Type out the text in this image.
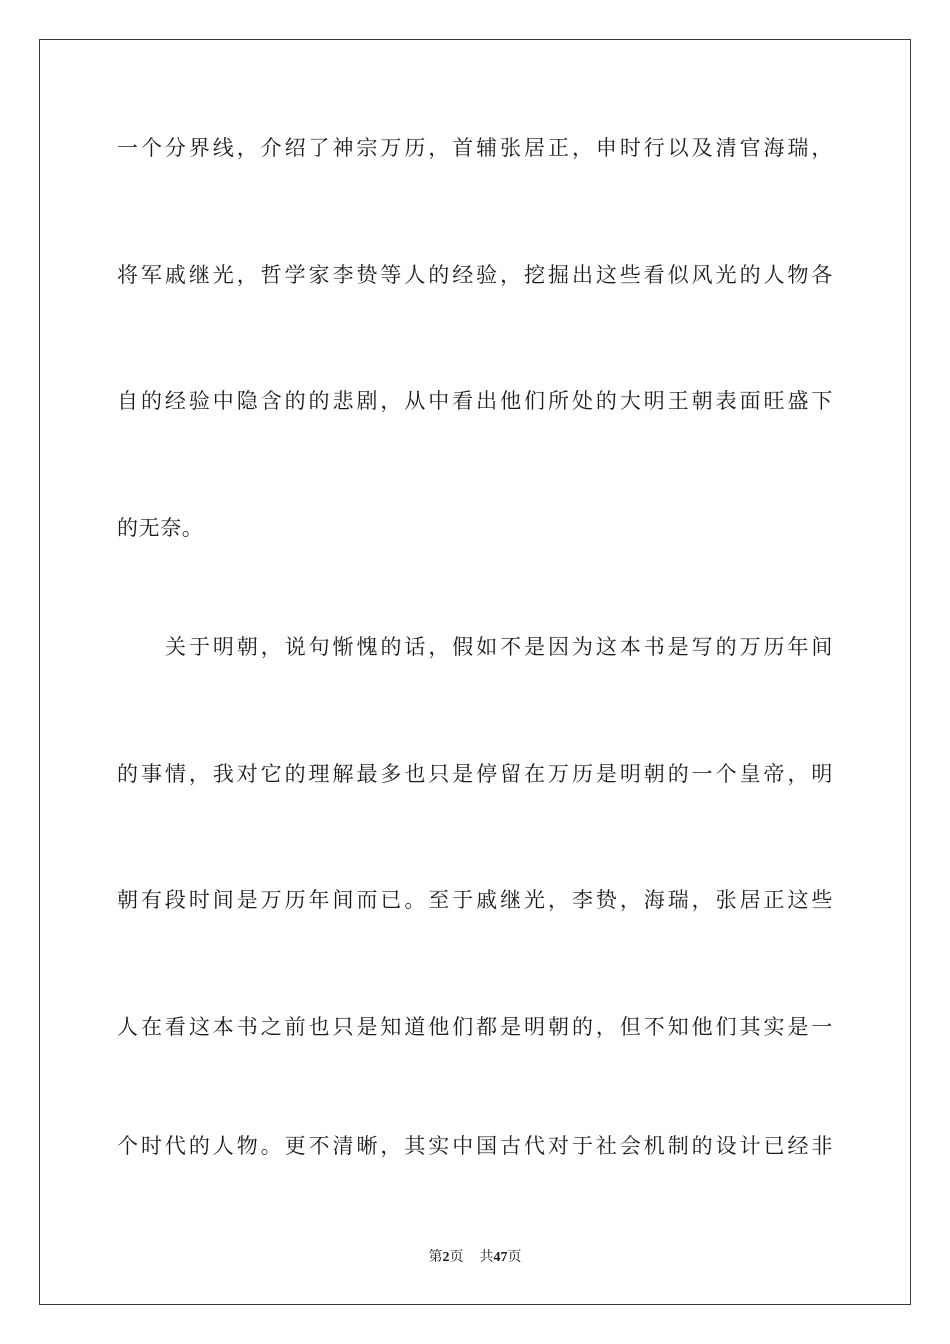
一个分界线，介绍了神宗万历，首辅张居正，申时行以及清官海瑞，
将军戚继光，哲学家李贽等人的经验，挖掘出这些看似风光的人物各
自的经验中隐含的的悲剧，从中看出他们所处的大明王朝表面旺盛下
的无奈。
关于明朝，说句惭愧的话，假如不是因为这本书是写的万历年间
的事情，我对它的理解最多也只是停留在万历是明朝的一个皇帝，明
朝有段时间是万历年间而已。至于戚继光，李贽，海瑞，张居正这些
人在看这本书之前也只是知道他们都是明朝的，但不知他们其实是一
个时代的人物。更不清晰，其实中国古代对于社会机制的设计已经非
第2页 共47页
